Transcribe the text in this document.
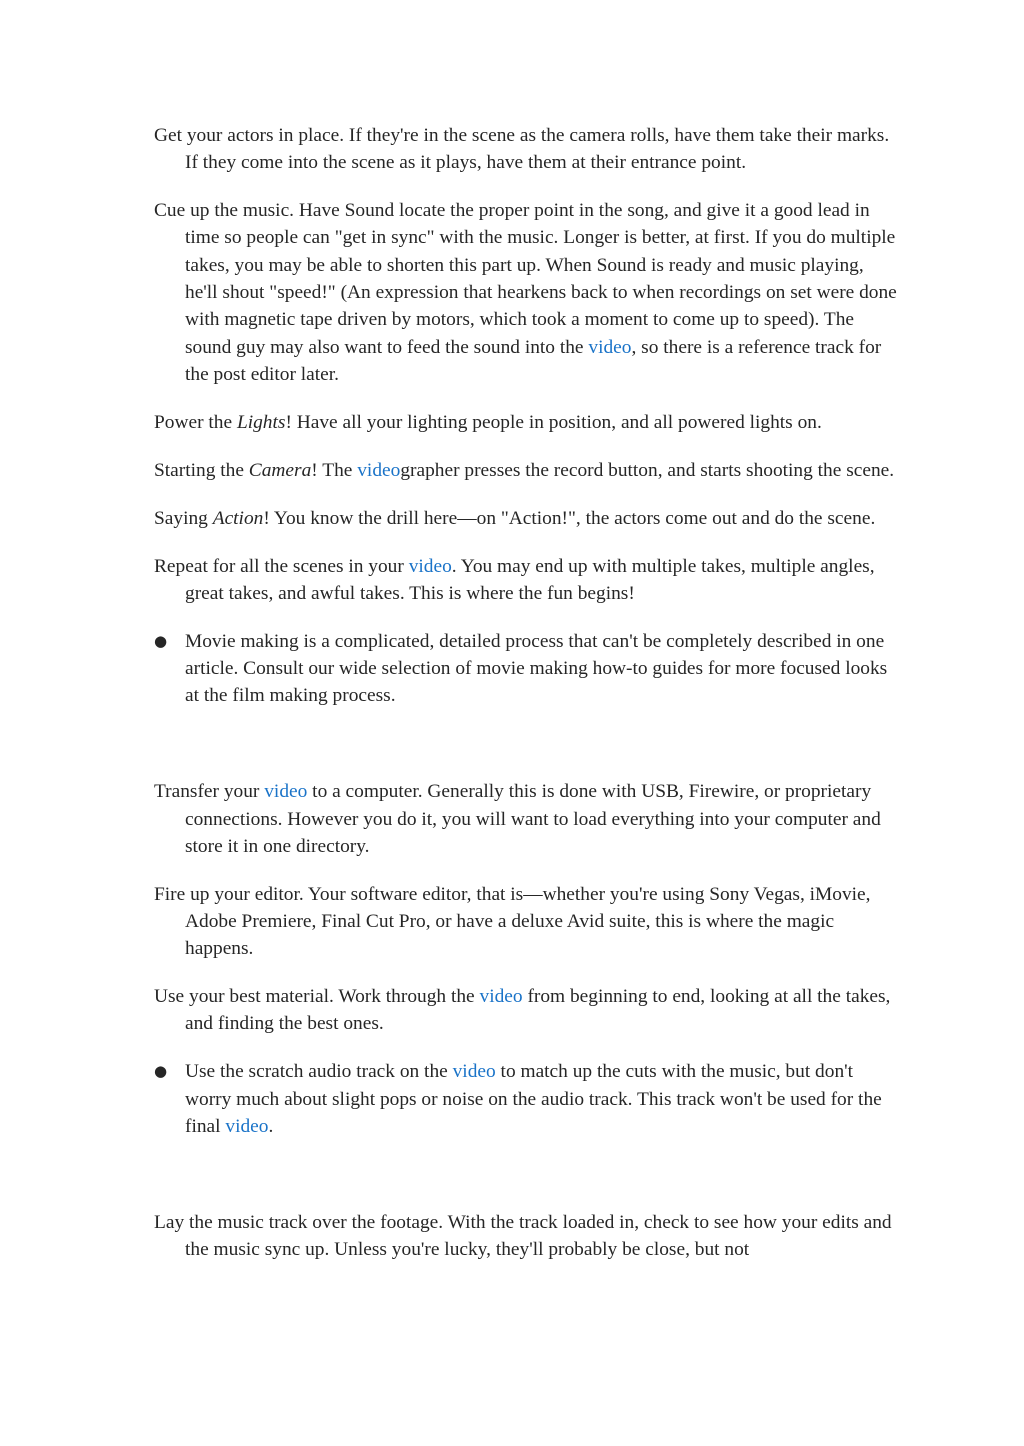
Get your actors in place. If they're in the scene as the camera rolls, have them take their marks. If they come into the scene as it plays, have them at their entrance point.

Cue up the music. Have Sound locate the proper point in the song, and give it a good lead in time so people can "get in sync" with the music. Longer is better, at first. If you do multiple takes, you may be able to shorten this part up. When Sound is ready and music playing, he'll shout "speed!" (An expression that hearkens back to when recordings on set were done with magnetic tape driven by motors, which took a moment to come up to speed). The sound guy may also want to feed the sound into the video, so there is a reference track for the post editor later.

Power the Lights! Have all your lighting people in position, and all powered lights on.

Starting the Camera! The videographer presses the record button, and starts shooting the scene.

Saying Action! You know the drill here—on "Action!", the actors come out and do the scene.

Repeat for all the scenes in your video. You may end up with multiple takes, multiple angles, great takes, and awful takes. This is where the fun begins!

● Movie making is a complicated, detailed process that can't be completely described in one article. Consult our wide selection of movie making how-to guides for more focused looks at the film making process.

Transfer your video to a computer. Generally this is done with USB, Firewire, or proprietary connections. However you do it, you will want to load everything into your computer and store it in one directory.

Fire up your editor. Your software editor, that is—whether you're using Sony Vegas, iMovie, Adobe Premiere, Final Cut Pro, or have a deluxe Avid suite, this is where the magic happens.

Use your best material. Work through the video from beginning to end, looking at all the takes, and finding the best ones.

● Use the scratch audio track on the video to match up the cuts with the music, but don't worry much about slight pops or noise on the audio track. This track won't be used for the final video.

Lay the music track over the footage. With the track loaded in, check to see how your edits and the music sync up. Unless you're lucky, they'll probably be close, but not
